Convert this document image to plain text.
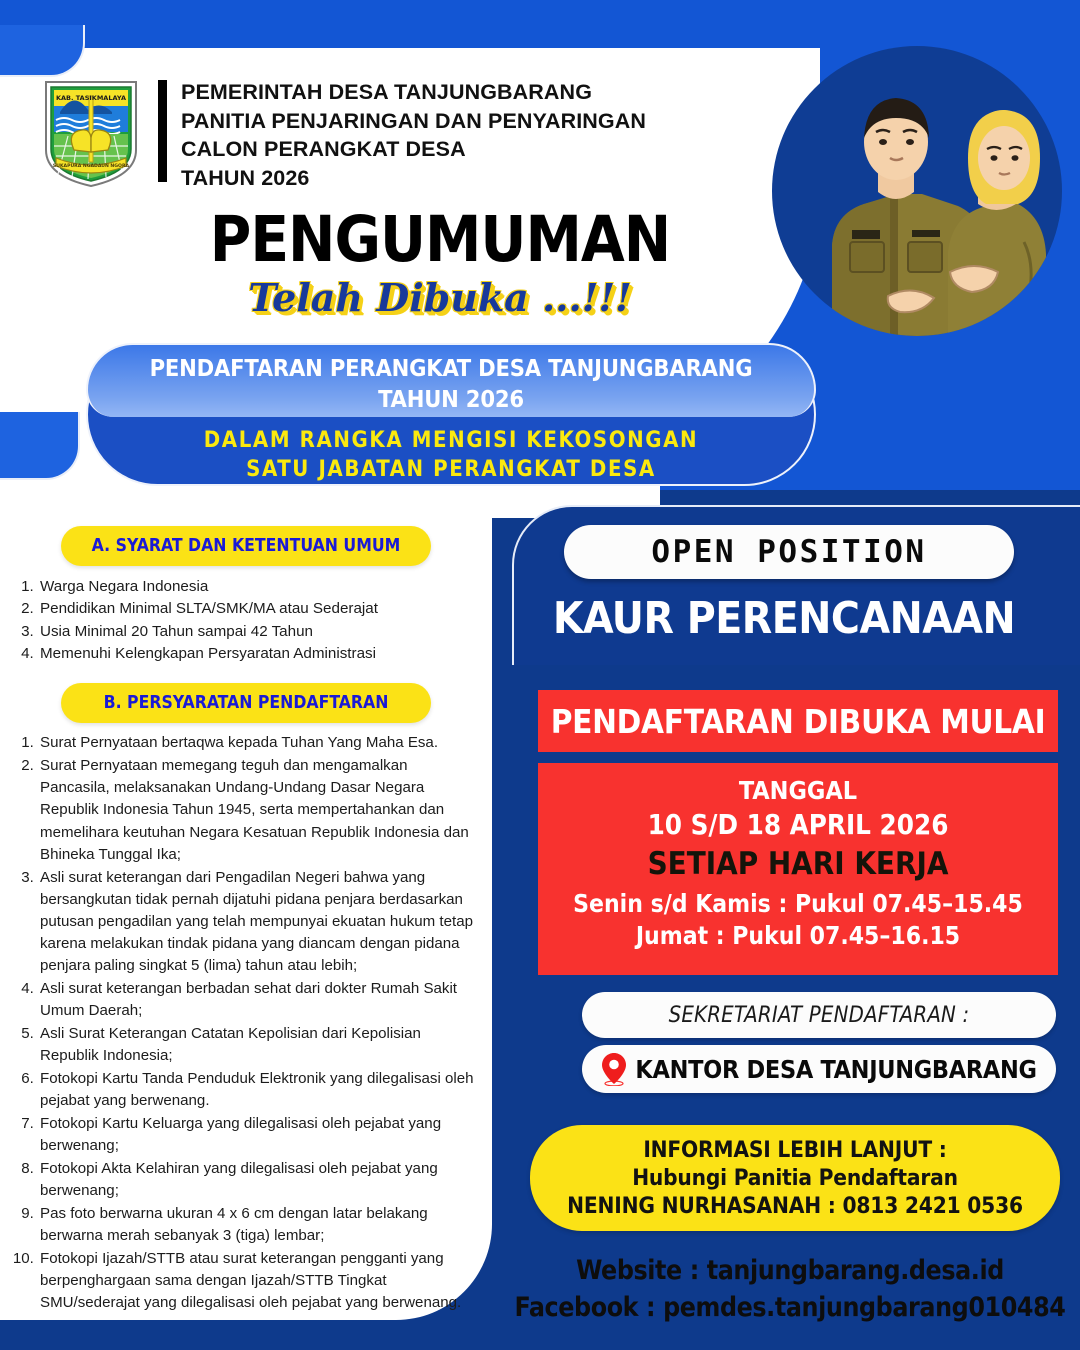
KAB. TASIKMALAYA
SUKAPURA NGADAUN NGORA
PEMERINTAH DESA TANJUNGBARANG
PANITIA PENJARINGAN DAN PENYARINGAN
CALON PERANGKAT DESA
TAHUN 2026
PENGUMUMAN
Telah Dibuka ...!!!
PENDAFTARAN PERANGKAT DESA TANJUNGBARANG
TAHUN 2026
DALAM RANGKA MENGISI KEKOSONGAN
SATU JABATAN PERANGKAT DESA
A. SYARAT DAN KETENTUAN UMUM
1. Warga Negara Indonesia
2. Pendidikan Minimal SLTA/SMK/MA atau Sederajat
3. Usia Minimal 20 Tahun sampai 42 Tahun
4. Memenuhi Kelengkapan Persyaratan Administrasi
B. PERSYARATAN PENDAFTARAN
1. Surat Pernyataan bertaqwa kepada Tuhan Yang Maha Esa.
2. Surat Pernyataan memegang teguh dan mengamalkan Pancasila, melaksanakan Undang-Undang Dasar Negara Republik Indonesia Tahun 1945, serta mempertahankan dan memelihara keutuhan Negara Kesatuan Republik Indonesia dan Bhineka Tunggal Ika;
3. Asli surat keterangan dari Pengadilan Negeri bahwa yang bersangkutan tidak pernah dijatuhi pidana penjara berdasarkan putusan pengadilan yang telah mempunyai ekuatan hukum tetap karena melakukan tindak pidana yang diancam dengan pidana penjara paling singkat 5 (lima) tahun atau lebih;
4. Asli surat keterangan berbadan sehat dari dokter Rumah Sakit Umum Daerah;
5. Asli Surat Keterangan Catatan Kepolisian dari Kepolisian Republik Indonesia;
6. Fotokopi Kartu Tanda Penduduk Elektronik yang dilegalisasi oleh pejabat yang berwenang.
7. Fotokopi Kartu Keluarga yang dilegalisasi oleh pejabat yang berwenang;
8. Fotokopi Akta Kelahiran yang dilegalisasi oleh pejabat yang berwenang;
9. Pas foto berwarna ukuran 4 x 6 cm dengan latar belakang berwarna merah sebanyak 3 (tiga) lembar;
10. Fotokopi Ijazah/STTB atau surat keterangan pengganti yang berpenghargaan sama dengan Ijazah/STTB Tingkat SMU/sederajat yang dilegalisasi oleh pejabat yang berwenang.
OPEN POSITION
KAUR PERENCANAAN
PENDAFTARAN DIBUKA MULAI
TANGGAL
10 S/D 18 APRIL 2026
SETIAP HARI KERJA
Senin s/d Kamis : Pukul 07.45–15.45
Jumat : Pukul 07.45–16.15
SEKRETARIAT PENDAFTARAN :
KANTOR DESA TANJUNGBARANG
INFORMASI LEBIH LANJUT :
Hubungi Panitia Pendaftaran
NENING NURHASANAH : 0813 2421 0536
Website : tanjungbarang.desa.id
Facebook : pemdes.tanjungbarang010484
